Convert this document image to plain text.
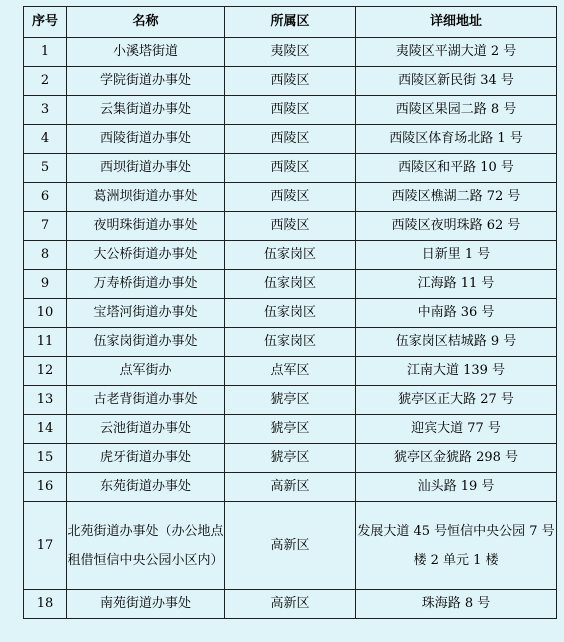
序号	名称	所属区	详细地址
1	小溪塔街道	夷陵区	夷陵区平湖大道 2 号
2	学院街道办事处	西陵区	西陵区新民街 34 号
3	云集街道办事处	西陵区	西陵区果园二路 8 号
4	西陵街道办事处	西陵区	西陵区体育场北路 1 号
5	西坝街道办事处	西陵区	西陵区和平路 10 号
6	葛洲坝街道办事处	西陵区	西陵区樵湖二路 72 号
7	夜明珠街道办事处	西陵区	西陵区夜明珠路 62 号
8	大公桥街道办事处	伍家岗区	日新里 1 号
9	万寿桥街道办事处	伍家岗区	江海路 11 号
10	宝塔河街道办事处	伍家岗区	中南路 36 号
11	伍家岗街道办事处	伍家岗区	伍家岗区桔城路 9 号
12	点军街办	点军区	江南大道 139 号
13	古老背街道办事处	猇亭区	猇亭区正大路 27 号
14	云池街道办事处	猇亭区	迎宾大道 77 号
15	虎牙街道办事处	猇亭区	猇亭区金猇路 298 号
16	东苑街道办事处	高新区	汕头路 19 号
17	北苑街道办事处（办公地点租借恒信中央公园小区内）	高新区	发展大道 45 号恒信中央公园 7 号楼 2 单元 1 楼
18	南苑街道办事处	高新区	珠海路 8 号
